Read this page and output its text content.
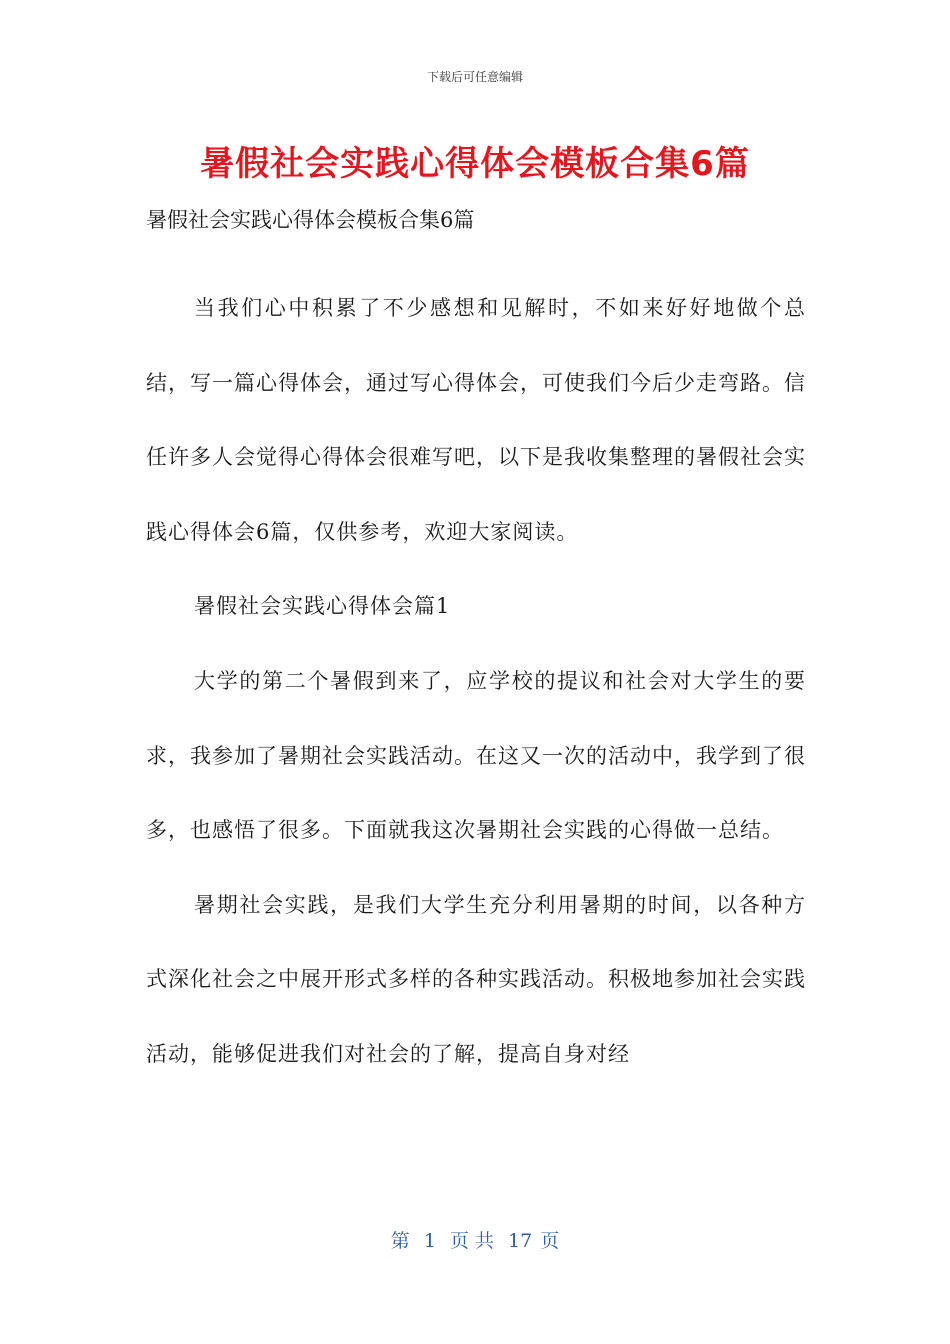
下载后可任意编辑
暑假社会实践心得体会模板合集6篇
暑假社会实践心得体会模板合集6篇

当我们心中积累了不少感想和见解时，不如来好好地做个总结，写一篇心得体会，通过写心得体会，可使我们今后少走弯路。信任许多人会觉得心得体会很难写吧，以下是我收集整理的暑假社会实践心得体会6篇，仅供参考，欢迎大家阅读。

暑假社会实践心得体会篇1

大学的第二个暑假到来了，应学校的提议和社会对大学生的要求，我参加了暑期社会实践活动。在这又一次的活动中，我学到了很多，也感悟了很多。下面就我这次暑期社会实践的心得做一总结。

暑期社会实践，是我们大学生充分利用暑期的时间，以各种方式深化社会之中展开形式多样的各种实践活动。积极地参加社会实践活动，能够促进我们对社会的了解，提高自身对经

第 1 页 共 17 页
